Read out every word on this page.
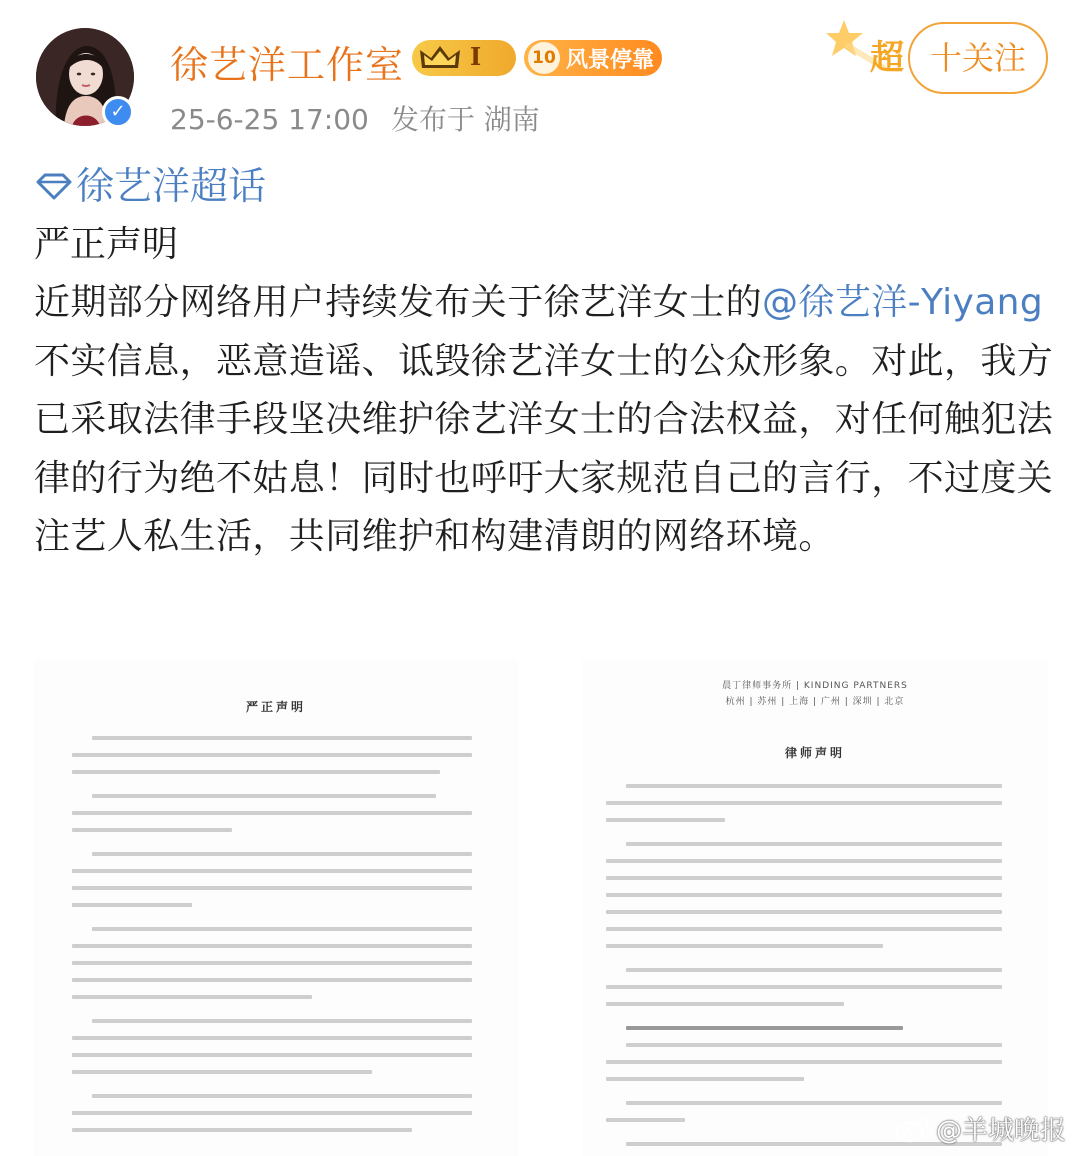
✓
徐艺洋工作室	I	10 风景停靠
25-6-25 17:00 发布于 湖南
超 十关注
徐艺洋超话
严正声明
近期部分网络用户持续发布关于徐艺洋女士的@徐艺洋-Yiyang 不实信息，恶意造谣、诋毁徐艺洋女士的公众形象。对此，我方已采取法律手段坚决维护徐艺洋女士的合法权益，对任何触犯法律的行为绝不姑息！同时也呼吁大家规范自己的言行，不过度关注艺人私生活，共同维护和构建清朗的网络环境。
严正声明
晨丁律师事务所 | KINDING PARTNERS
杭州 | 苏州 | 上海 | 广州 | 深圳 | 北京
律师声明
@羊城晚报
